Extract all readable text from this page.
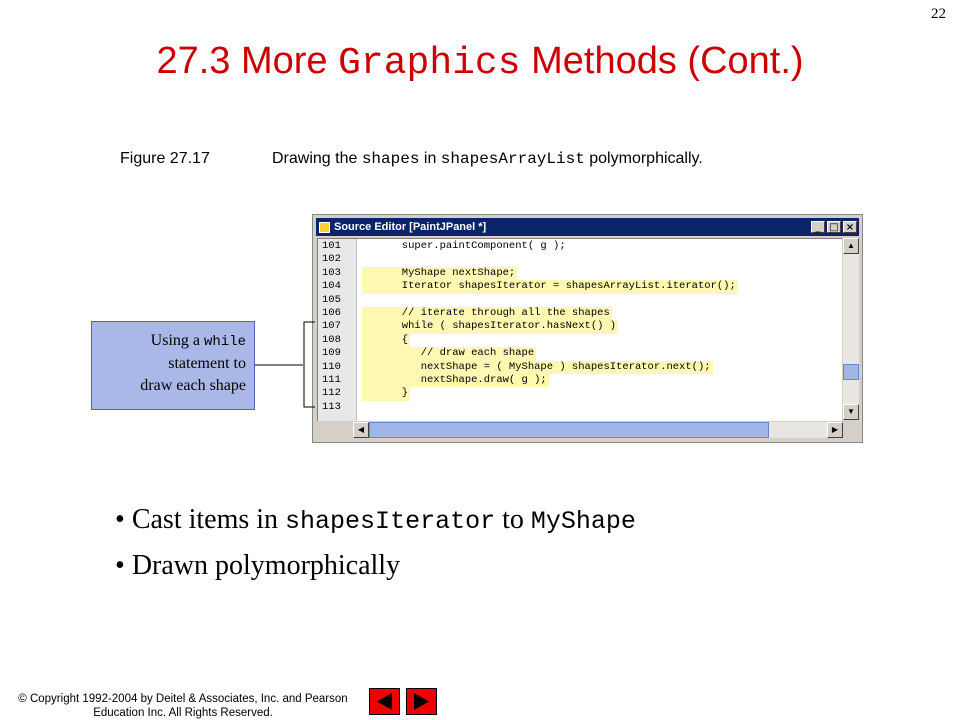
22
27.3 More Graphics Methods (Cont.)
Figure 27.17	Drawing the shapes in shapesArrayList polymorphically.
Source Editor [PaintJPanel *]	_ □ ×
101 super.paintComponent( g );
102
103 MyShape nextShape;
104 Iterator shapesIterator = shapesArrayList.iterator();
105
106 // iterate through all the shapes
107 while ( shapesIterator.hasNext() )
108 {
109 // draw each shape
110 nextShape = ( MyShape ) shapesIterator.next();
111 nextShape.draw( g );
112 }
113
▲
▼
◀	▶
Using a while
statement to
draw each shape
• Cast items in shapesIterator to MyShape
• Drawn polymorphically
© Copyright 1992-2004 by Deitel & Associates, Inc. and Pearson
Education Inc. All Rights Reserved.
